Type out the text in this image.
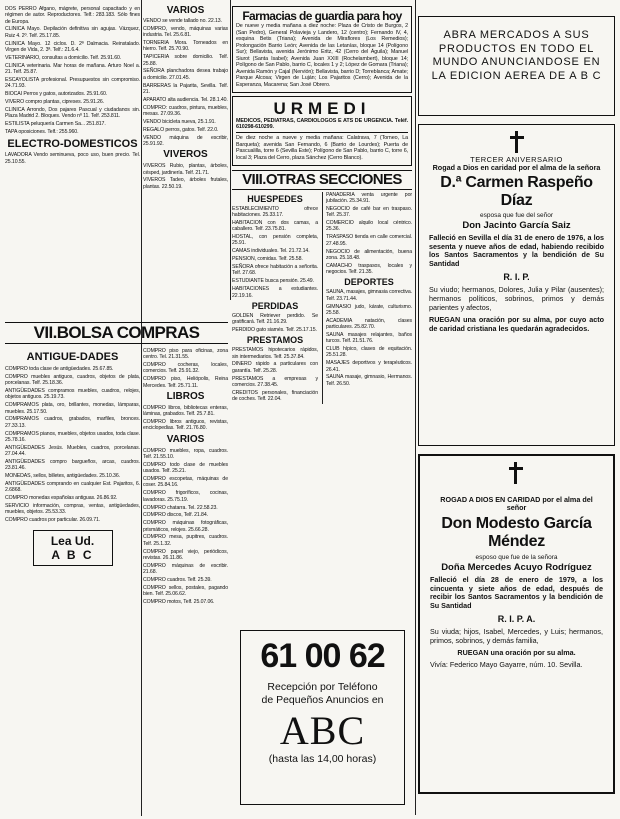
DOS PERRO Afgano, mágrete, personal capacitado y en régimen de autor. Reproductores. Telf.: 283.183. Sólo fines de Europa.

CLINICA Mayo. Depilación definitiva sin agujas. Vázquez, Ruiz 4. 2º. Telf. 25.17.85.

CLINICA Mayo. 12 ciclos. D. 2ª Dalmacia. Reinstalado. Virgen de Vida, 2. 3ª. Telf.: 21.6.4.

VETERINARIO, consultas a domicilio. Telf. 25.91.60.

CLINICA veterinaria. Mar horas de mañana. Arturo Noel a. 21. Telf. 25.87.

ESCAYOLISTA profesional. Presupuestos sin compromiso. 24.71.93.

BIOCAI Perros y gatos, autorizados. 25.91.60.

VIVERO compro plantas, cipreses. 25.91.26.

CLINICA Arrondo, Dos pajares Pascual y ciudadanos sin. Plaza Madrid 2. Bloques. Vendo nº 11. Telf. 253.811.

ESTILISTA peluquería Carmen Sa... 251.817.

TAPA oposiciones. Telf.: 255.960.

ELECTRO-DOMESTICOS

LAVADORA Vendo seminueva, poco uso, buen precio. Tel. 25.10.55.

VARIOS

VENDO se vende tallado no. 22.13.

COMPRO, vendo, máquinas varias industria. Tel. 25.6.81.

TORNERIA Mora. Torneados en hierro. Telf. 25.70.90.

TAPICERIA sobre domicilio. Telf. 25.88.

SEÑORA planchadora desea trabajo a domicilio. 27.01.45.

BARRERAS la Pajarita, Sevilla. Telf. 21.

APARATO alta audiencia. Tel. 28.1.40.

COMPRO: cuadros, pintura, muebles, mesas. 27.09.36.

VENDO bicicleta nueva, 25.1.91.

REGALO perros, gatos. Telf. 22.0.

VENDO máquina de escribir, 25.91.92.

VIVEROS

VIVEROS Rubio, plantas, árboles, césped, jardinería. Telf. 21.71.

VIVEROS Tadeo, árboles frutales, plantas. 22.50.19.

VII.BOLSA COMPRAS
ANTIGUE-DADES

COMPRO toda clase de antigüedades. 25.67.85.

COMPRO muebles antiguos, cuadros, objetos de plata, porcelanas. Telf. 25.18.36.

ANTIGÜEDADES compramos muebles, cuadros, relojes, objetos antiguos. 25.19.73.

COMPRAMOS plata, oro, brillantes, monedas, lámparas, muebles. 25.17.50.

COMPRAMOS cuadros, grabados, marfiles, bronces. 27.33.13.

COMPRAMOS pianos, muebles, objetos usados, toda clase. 25.78.16.

ANTIGÜEDADES Jesús. Muebles, cuadros, porcelanas. 27.04.44.

ANTIGÜEDADES compro bargueños, arcas, cuadros. 23.81.46.

MONEDAS, sellos, billetes, antigüedades. 25.10.36.

ANTIGÜEDADES comprando en cualquier Est. Pajaritos, 6. 2.6868.

COMPRO monedas españolas antiguas. 26.86.92.

SERVICIO información, compras, ventas, antigüedades, muebles, objetos. 25.53.33.

COMPRO cuadros por particular. 26.09.71.

Lea Ud.
A B C

COMPRO piso para oficinas, zona centro. Tel. 21.31.55.

COMPRO cocheras, locales, comercios. Telf. 25.91.32.

COMPRO piso, Heliópolis, Reina Mercedes. Telf. 25.71.11.

LIBROS

COMPRO libros, bibliotecas enteras, láminas, grabados. Telf. 25.7.81.

COMPRO libros antiguos, revistas, enciclopedias. Telf. 21.76.80.

VARIOS

COMPRO muebles, ropa, cuadros. Telf. 21.55.10.

COMPRO todo clase de muebles usados. Telf. 25.21.

COMPRO escopetas, máquinas de coser. 25.84.16.

COMPRO frigoríficos, cocinas, lavadoras. 25.75.19.

COMPRO chatarra. Tel. 22.58.23.

COMPRO discos, Telf. 21.84.

COMPRO máquinas fotográficas, prismáticos, relojes. 25.66.28.

COMPRO mesa, pupitres, cuadros. Telf. 25.1.32.

COMPRO papel viejo, periódicos, revistas. 26.11.86.

COMPRO máquinas de escribir. 21.68.

COMPRO cuadros. Telf. 25.39.

COMPRO sellos, postales, pagando bien. Telf. 25.06.62.

COMPRO motos, Telf. 25.07.06.

Farmacias de guardia para hoy

De nueve y media mañana a diez noche: Plaza de Cristo de Burgos, 2 (San Pedro), General Polavieja y Landero, 12 (centro); Fernando IV, 4, esquina Betis (Triana); Avenida de Miraflores (Los Remedios); Prolongación Barrio León; Avenida de las Letanías, bloque 14 (Polígono Sur); Bellavista, avenida Jerónimo Eritz, 42 (Cerro del Águila); Manuel Siurot (Santa Isabel); Avenida Juan XXIII (Rochelambert), bloque 14; Polígono de San Pablo, barrio C, locales 1 y 2; López de Gomara (Triana); Avenida Ramón y Cajal (Nervión); Bellavista, barrio D; Torreblanca; Amate; Parque Alcosa; Virgen de Luján; Los Pajaritos (Cerro); Avenida de la Esperanza, Macarena; San José Obrero.

URMEDI

MEDICOS, PEDIATRAS, CARDIOLOGOS E ATS DE URGENCIA. Teléf. 610298-610299.

De diez noche a nueve y media mañana: Calatrava, 7 (Torneo, La Barqueta); avenida San Fernando, 6 (Barrio de Lourdes); Puerta de Pascualilla, torre 6 (Sevilla Este); Polígono de San Pablo, barrio C, torre 6, local 3; Plaza del Cerro, plaza Sánchez (Cerro Blanco).

VIII.OTRAS SECCIONES
HUESPEDES

ESTABLECIMIENTO ofrece habitaciones. 25.33.17.

HABITACION con dos camas, a caballero. Telf. 23.75.81.

HOSTAL, con pensión completa, 25.91.

CAMAS individuales. Tel. 21.72.14.

PENSION, comidas. Telf. 25.58.

SEÑORA ofrece habitación a señorita. Telf. 27.68.

ESTUDIANTE busca pensión. 25.49.

HABITACIONES a estudiantes. 22.19.16.

PERDIDAS

GOLDEN Retriever perdido. Se gratificará. Telf. 21.16.29.

PERDIDO gato siamés. Telf. 25.17.15.

PRESTAMOS

PRESTAMOS hipotecarios rápidos, sin intermediarios. Telf. 25.37.84.

DINERO rápido a particulares con garantía. Telf. 25.28.

PRESTAMOS a empresas y comercios. 27.38.45.

CREDITOS personales, financiación de coches. Telf. 22.04.

PANADERIA venta urgente por jubilación. 25.34.91.

NEGOCIO de café bar en traspaso. Telf. 25.37.

COMERCIO alquilo local céntrico. 25.36.

TRASPASO tienda en calle comercial. 27.48.95.

NEGOCIO de alimentación, buena zona. 25.18.48.

CAMACHO traspasos, locales y negocios. Telf. 21.35.

DEPORTES

SAUNA, masajes, gimnasia correctiva. Telf. 23.71.44.

GIMNASIO judo, kárate, culturismo. 25.58.

ACADEMIA natación, clases particulares. 25.82.70.

SAUNA masajes relajantes, baños turcos. Telf. 21.51.76.

CLUB hípico, clases de equitación. 25.51.28.

MASAJES deportivos y terapéuticos. 26.41.

SAUNA masaje, gimnasio, Hermanos. Telf. 26.50.

61 00 62
Recepción por Teléfono
de Pequeños Anuncios en
ABC
(hasta las 14,00 horas)
ABRA MERCADOS A SUS PRODUCTOS EN TODO EL MUNDO ANUNCIANDOSE EN LA EDICION AEREA DE A B C
TERCER ANIVERSARIO
Rogad a Dios en caridad por el alma de la señora
D.ª Carmen Raspeño Díaz
esposa que fue del señor
Don Jacinto García Saiz
Falleció en Sevilla el día 31 de enero de 1976, a los sesenta y nueve años de edad, habiendo recibido los Santos Sacramentos y la bendición de Su Santidad
R. I. P.
Su viudo; hermanos, Dolores, Julia y Pilar (ausentes); hermanos políticos, sobrinos, primos y demás parientes y afectos,
RUEGAN una oración por su alma, por cuyo acto de caridad cristiana les quedarán agradecidos.
ROGAD A DIOS EN CARIDAD por el alma del señor
Don Modesto García Méndez
esposo que fue de la señora
Doña Mercedes Acuyo Rodríguez
Falleció el día 28 de enero de 1979, a los cincuenta y siete años de edad, después de recibir los Santos Sacramentos y la bendición de Su Santidad
R. I. P. A.
Su viuda; hijos, Isabel, Mercedes, y Luis; hermanos, primos, sobrinos, y demás familia,
RUEGAN una oración por su alma.
Vivía: Federico Mayo Gayarre, núm. 10. Sevilla.
